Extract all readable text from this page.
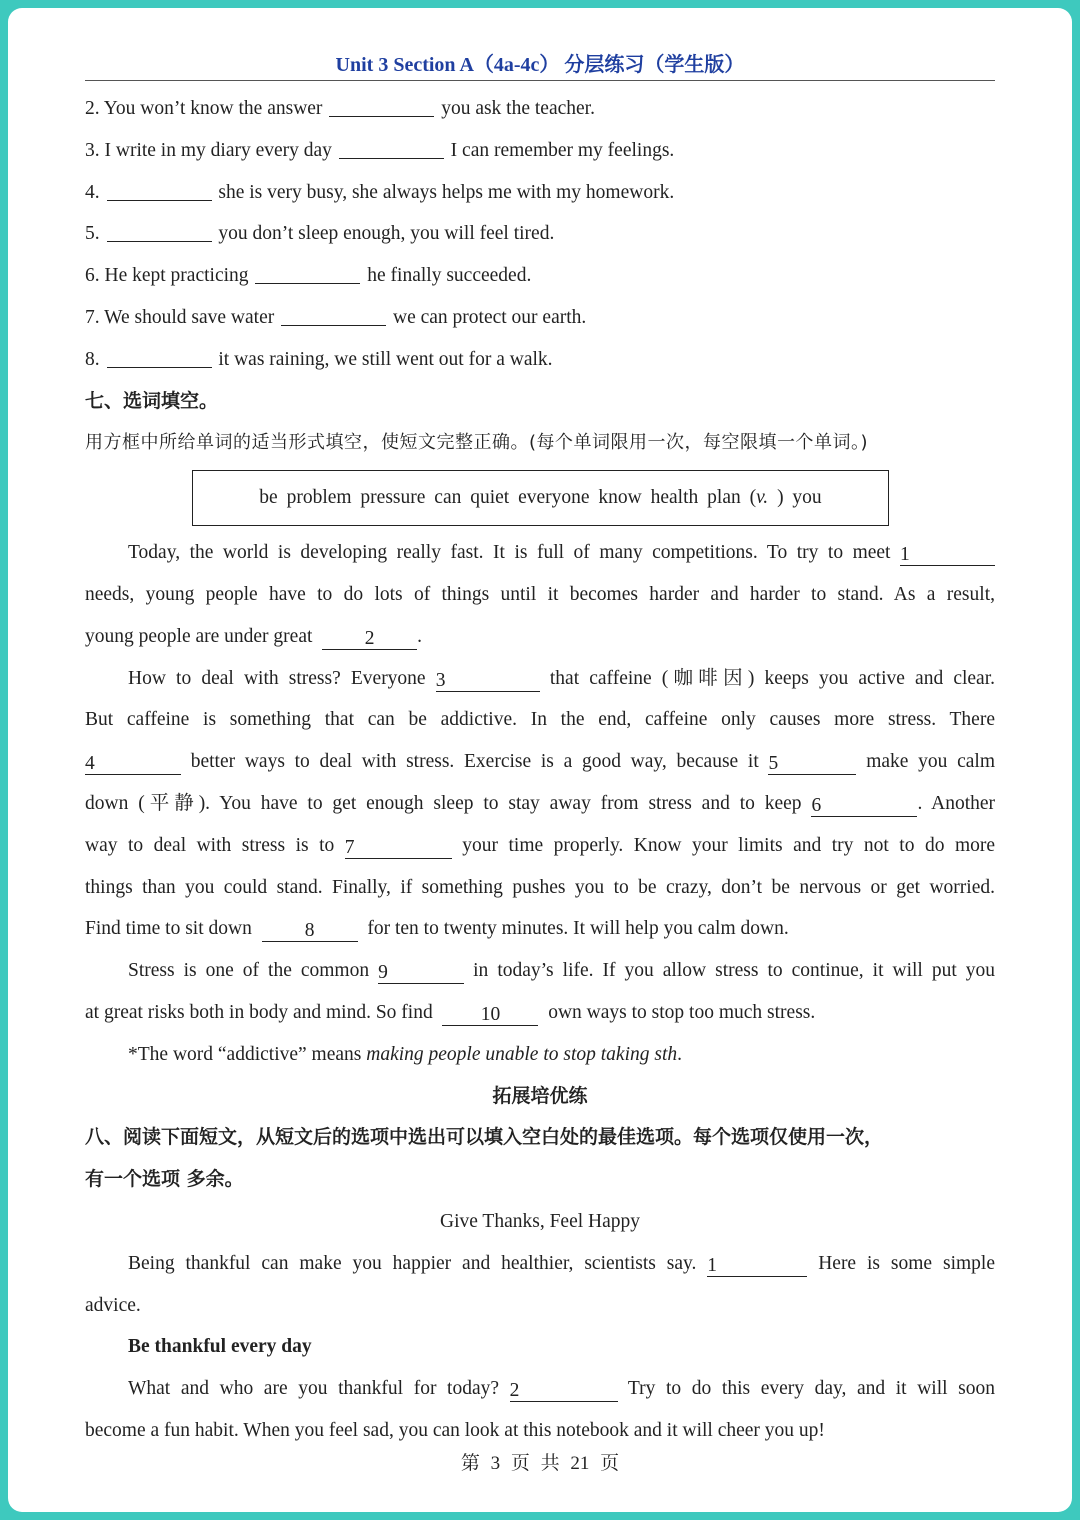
Unit 3 Section A（4a-4c） 分层练习（学生版）
2. You won’t know the answer	you ask the teacher.
3. I write in my diary every day	I can remember my feelings.
4.	she is very busy, she always helps me with my homework.
5.	you don’t sleep enough, you will feel tired.
6. He kept practicing	he finally succeeded.
7. We should save water	we can protect our earth.
8.	it was raining, we still went out for a walk.
七、选词填空。
用方框中所给单词的适当形式填空，使短文完整正确。(每个单词限用一次，每空限填一个单词。)
be problem pressure can quiet everyone know health plan (v. ) you
Today, the world is developing really fast. It is full of many competitions. To try to meet 1
needs, young people have to do lots of things until it becomes harder and harder to stand. As a result,
young people are under great	2 .
How to deal with stress? Everyone 3	that caffeine (咖啡因) keeps you active and clear.
But caffeine is something that can be addictive. In the end, caffeine only causes more stress. There
4	better ways to deal with stress. Exercise is a good way, because it 5	make you calm
down (平静). You have to get enough sleep to stay away from stress and to keep 6	. Another
way to deal with stress is to 7	your time properly. Know your limits and try not to do more
things than you could stand. Finally, if something pushes you to be crazy, don’t be nervous or get worried.
Find time to sit down	8	for ten to twenty minutes. It will help you calm down.
Stress is one of the common 9	in today’s life. If you allow stress to continue, it will put you
at great risks both in body and mind. So find 10 own ways to stop too much stress.
*The word “addictive” means making people unable to stop taking sth.
拓展培优练
八、阅读下面短文，从短文后的选项中选出可以填入空白处的最佳选项。每个选项仅使用一次，
有一个选项 多余。
Give Thanks, Feel Happy
Being thankful can make you happier and healthier, scientists say. 1	Here is some simple
advice.
Be thankful every day
What and who are you thankful for today? 2	Try to do this every day, and it will soon
become a fun habit. When you feel sad, you can look at this notebook and it will cheer you up!
第 3 页 共 21 页
